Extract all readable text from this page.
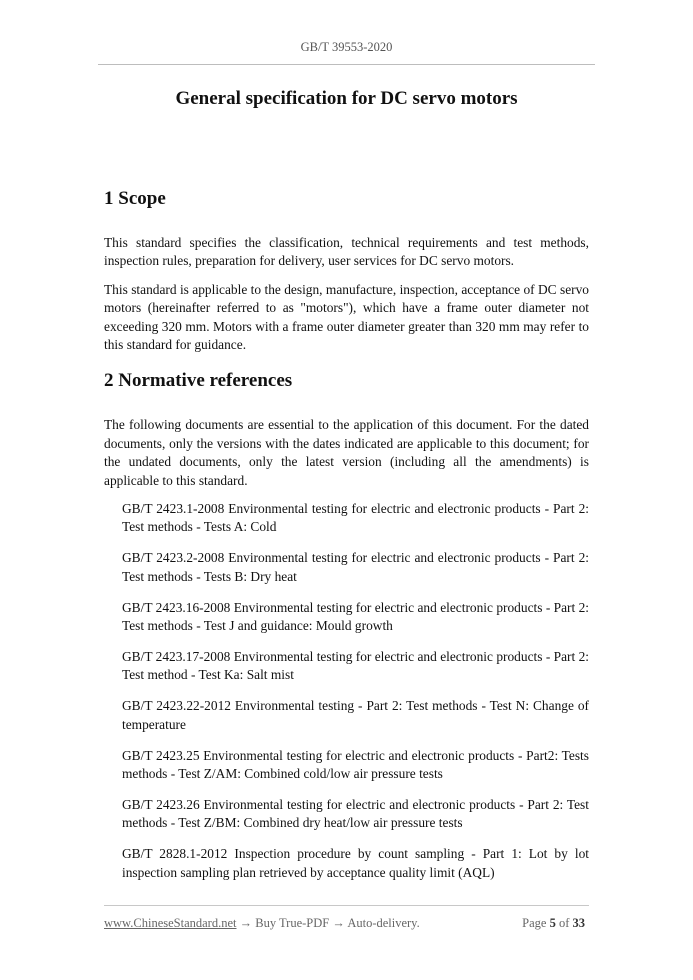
GB/T 39553-2020
General specification for DC servo motors
1 Scope

This standard specifies the classification, technical requirements and test methods, inspection rules, preparation for delivery, user services for DC servo motors.

This standard is applicable to the design, manufacture, inspection, acceptance of DC servo motors (hereinafter referred to as "motors"), which have a frame outer diameter not exceeding 320 mm. Motors with a frame outer diameter greater than 320 mm may refer to this standard for guidance.

2 Normative references

The following documents are essential to the application of this document. For the dated documents, only the versions with the dates indicated are applicable to this document; for the undated documents, only the latest version (including all the amendments) is applicable to this standard.

GB/T 2423.1-2008 Environmental testing for electric and electronic products - Part 2: Test methods - Tests A: Cold

GB/T 2423.2-2008 Environmental testing for electric and electronic products - Part 2: Test methods - Tests B: Dry heat

GB/T 2423.16-2008 Environmental testing for electric and electronic products - Part 2: Test methods - Test J and guidance: Mould growth

GB/T 2423.17-2008 Environmental testing for electric and electronic products - Part 2: Test method - Test Ka: Salt mist

GB/T 2423.22-2012 Environmental testing - Part 2: Test methods - Test N: Change of temperature

GB/T 2423.25 Environmental testing for electric and electronic products - Part2: Tests methods - Test Z/AM: Combined cold/low air pressure tests

GB/T 2423.26 Environmental testing for electric and electronic products - Part 2: Test methods - Test Z/BM: Combined dry heat/low air pressure tests

GB/T 2828.1-2012 Inspection procedure by count sampling - Part 1: Lot by lot inspection sampling plan retrieved by acceptance quality limit (AQL)

www.ChineseStandard.net → Buy True-PDF → Auto-delivery.	Page 5 of 33
